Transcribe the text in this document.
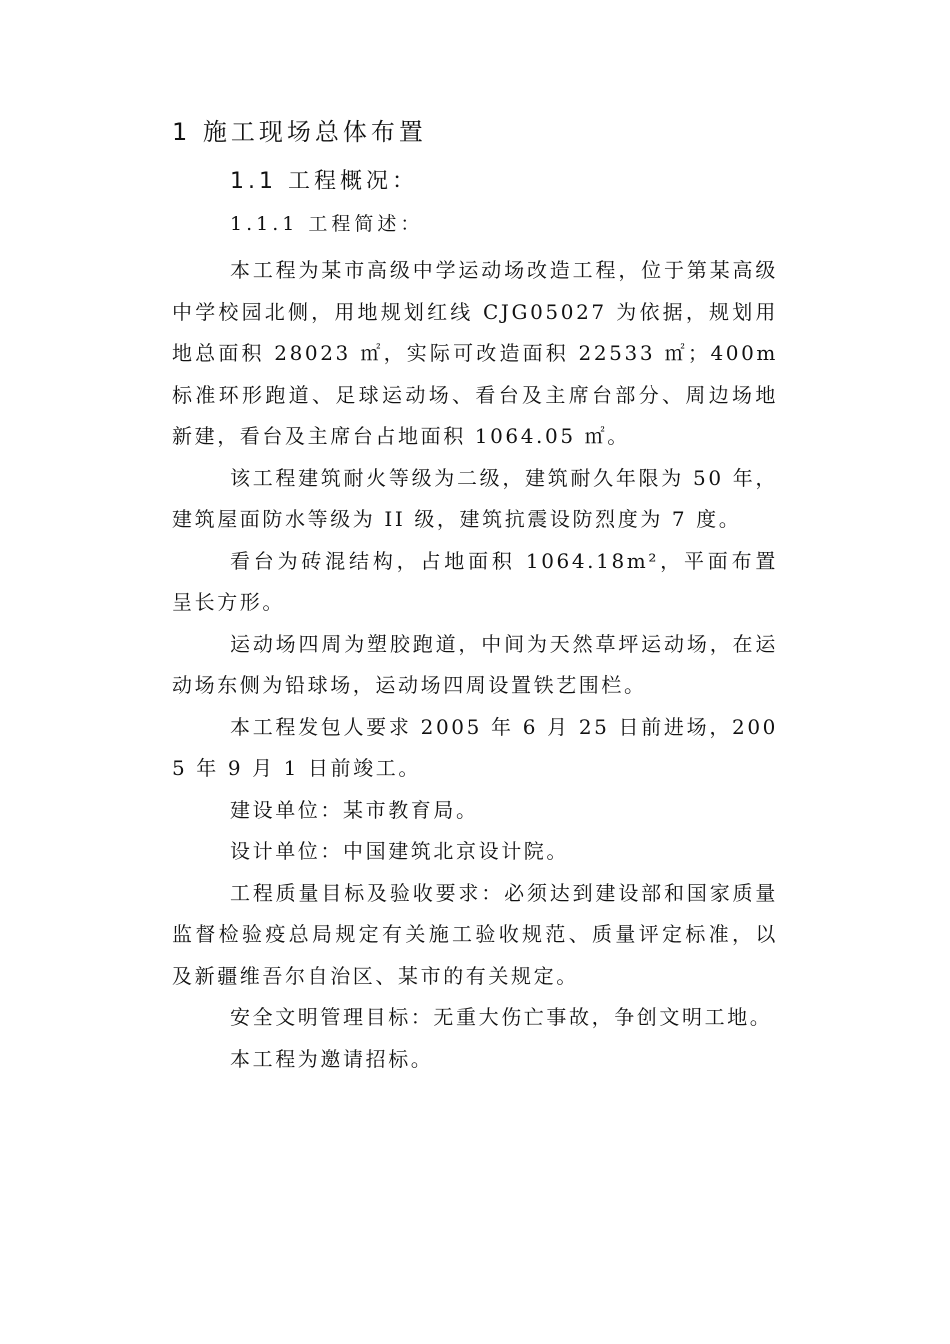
1 施工现场总体布置
1.1 工程概况：
1.1.1 工程简述：

本工程为某市高级中学运动场改造工程，位于第某高级中学校园北侧，用地规划红线 CJG05027 为依据，规划用地总面积 28023 ㎡，实际可改造面积 22533 ㎡；400m 标准环形跑道、足球运动场、看台及主席台部分、周边场地新建，看台及主席台占地面积 1064.05 ㎡。

该工程建筑耐火等级为二级，建筑耐久年限为 50 年，建筑屋面防水等级为 II 级，建筑抗震设防烈度为 7 度。

看台为砖混结构，占地面积 1064.18m²，平面布置呈长方形。

运动场四周为塑胶跑道，中间为天然草坪运动场，在运动场东侧为铅球场，运动场四周设置铁艺围栏。

本工程发包人要求 2005 年 6 月 25 日前进场，2005 年 9 月 1 日前竣工。

建设单位：某市教育局。

设计单位：中国建筑北京设计院。

工程质量目标及验收要求：必须达到建设部和国家质量监督检验疫总局规定有关施工验收规范、质量评定标准，以及新疆维吾尔自治区、某市的有关规定。

安全文明管理目标：无重大伤亡事故，争创文明工地。

本工程为邀请招标。
